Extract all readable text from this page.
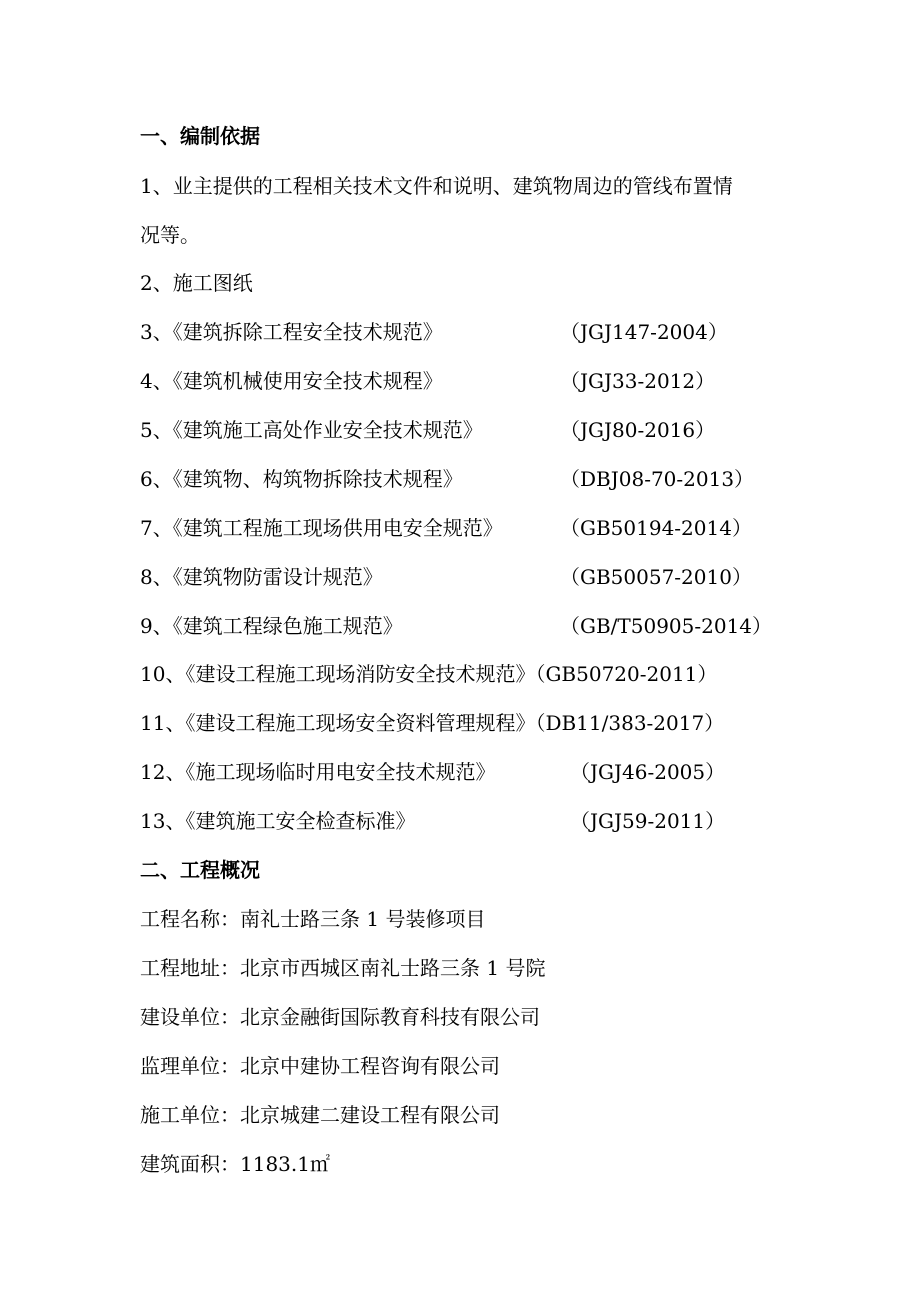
一、编制依据
1、业主提供的工程相关技术文件和说明、建筑物周边的管线布置情
况等。
2、施工图纸
3、《建筑拆除工程安全技术规范》	（JGJ147-2004）
4、《建筑机械使用安全技术规程》	（JGJ33-2012）
5、《建筑施工高处作业安全技术规范》	（JGJ80-2016）
6、《建筑物、构筑物拆除技术规程》	（DBJ08-70-2013）
7、《建筑工程施工现场供用电安全规范》	（GB50194-2014）
8、《建筑物防雷设计规范》	（GB50057-2010）
9、《建筑工程绿色施工规范》	（GB/T50905-2014）
10、《建设工程施工现场消防安全技术规范》（GB50720-2011）
11、《建设工程施工现场安全资料管理规程》（DB11/383-2017）
12、《施工现场临时用电安全技术规范》	（JGJ46-2005）
13、《建筑施工安全检查标准》	（JGJ59-2011）
二、工程概况
工程名称：南礼士路三条 1 号装修项目
工程地址：北京市西城区南礼士路三条 1 号院
建设单位：北京金融街国际教育科技有限公司
监理单位：北京中建协工程咨询有限公司
施工单位：北京城建二建设工程有限公司
建筑面积：1183.1㎡
